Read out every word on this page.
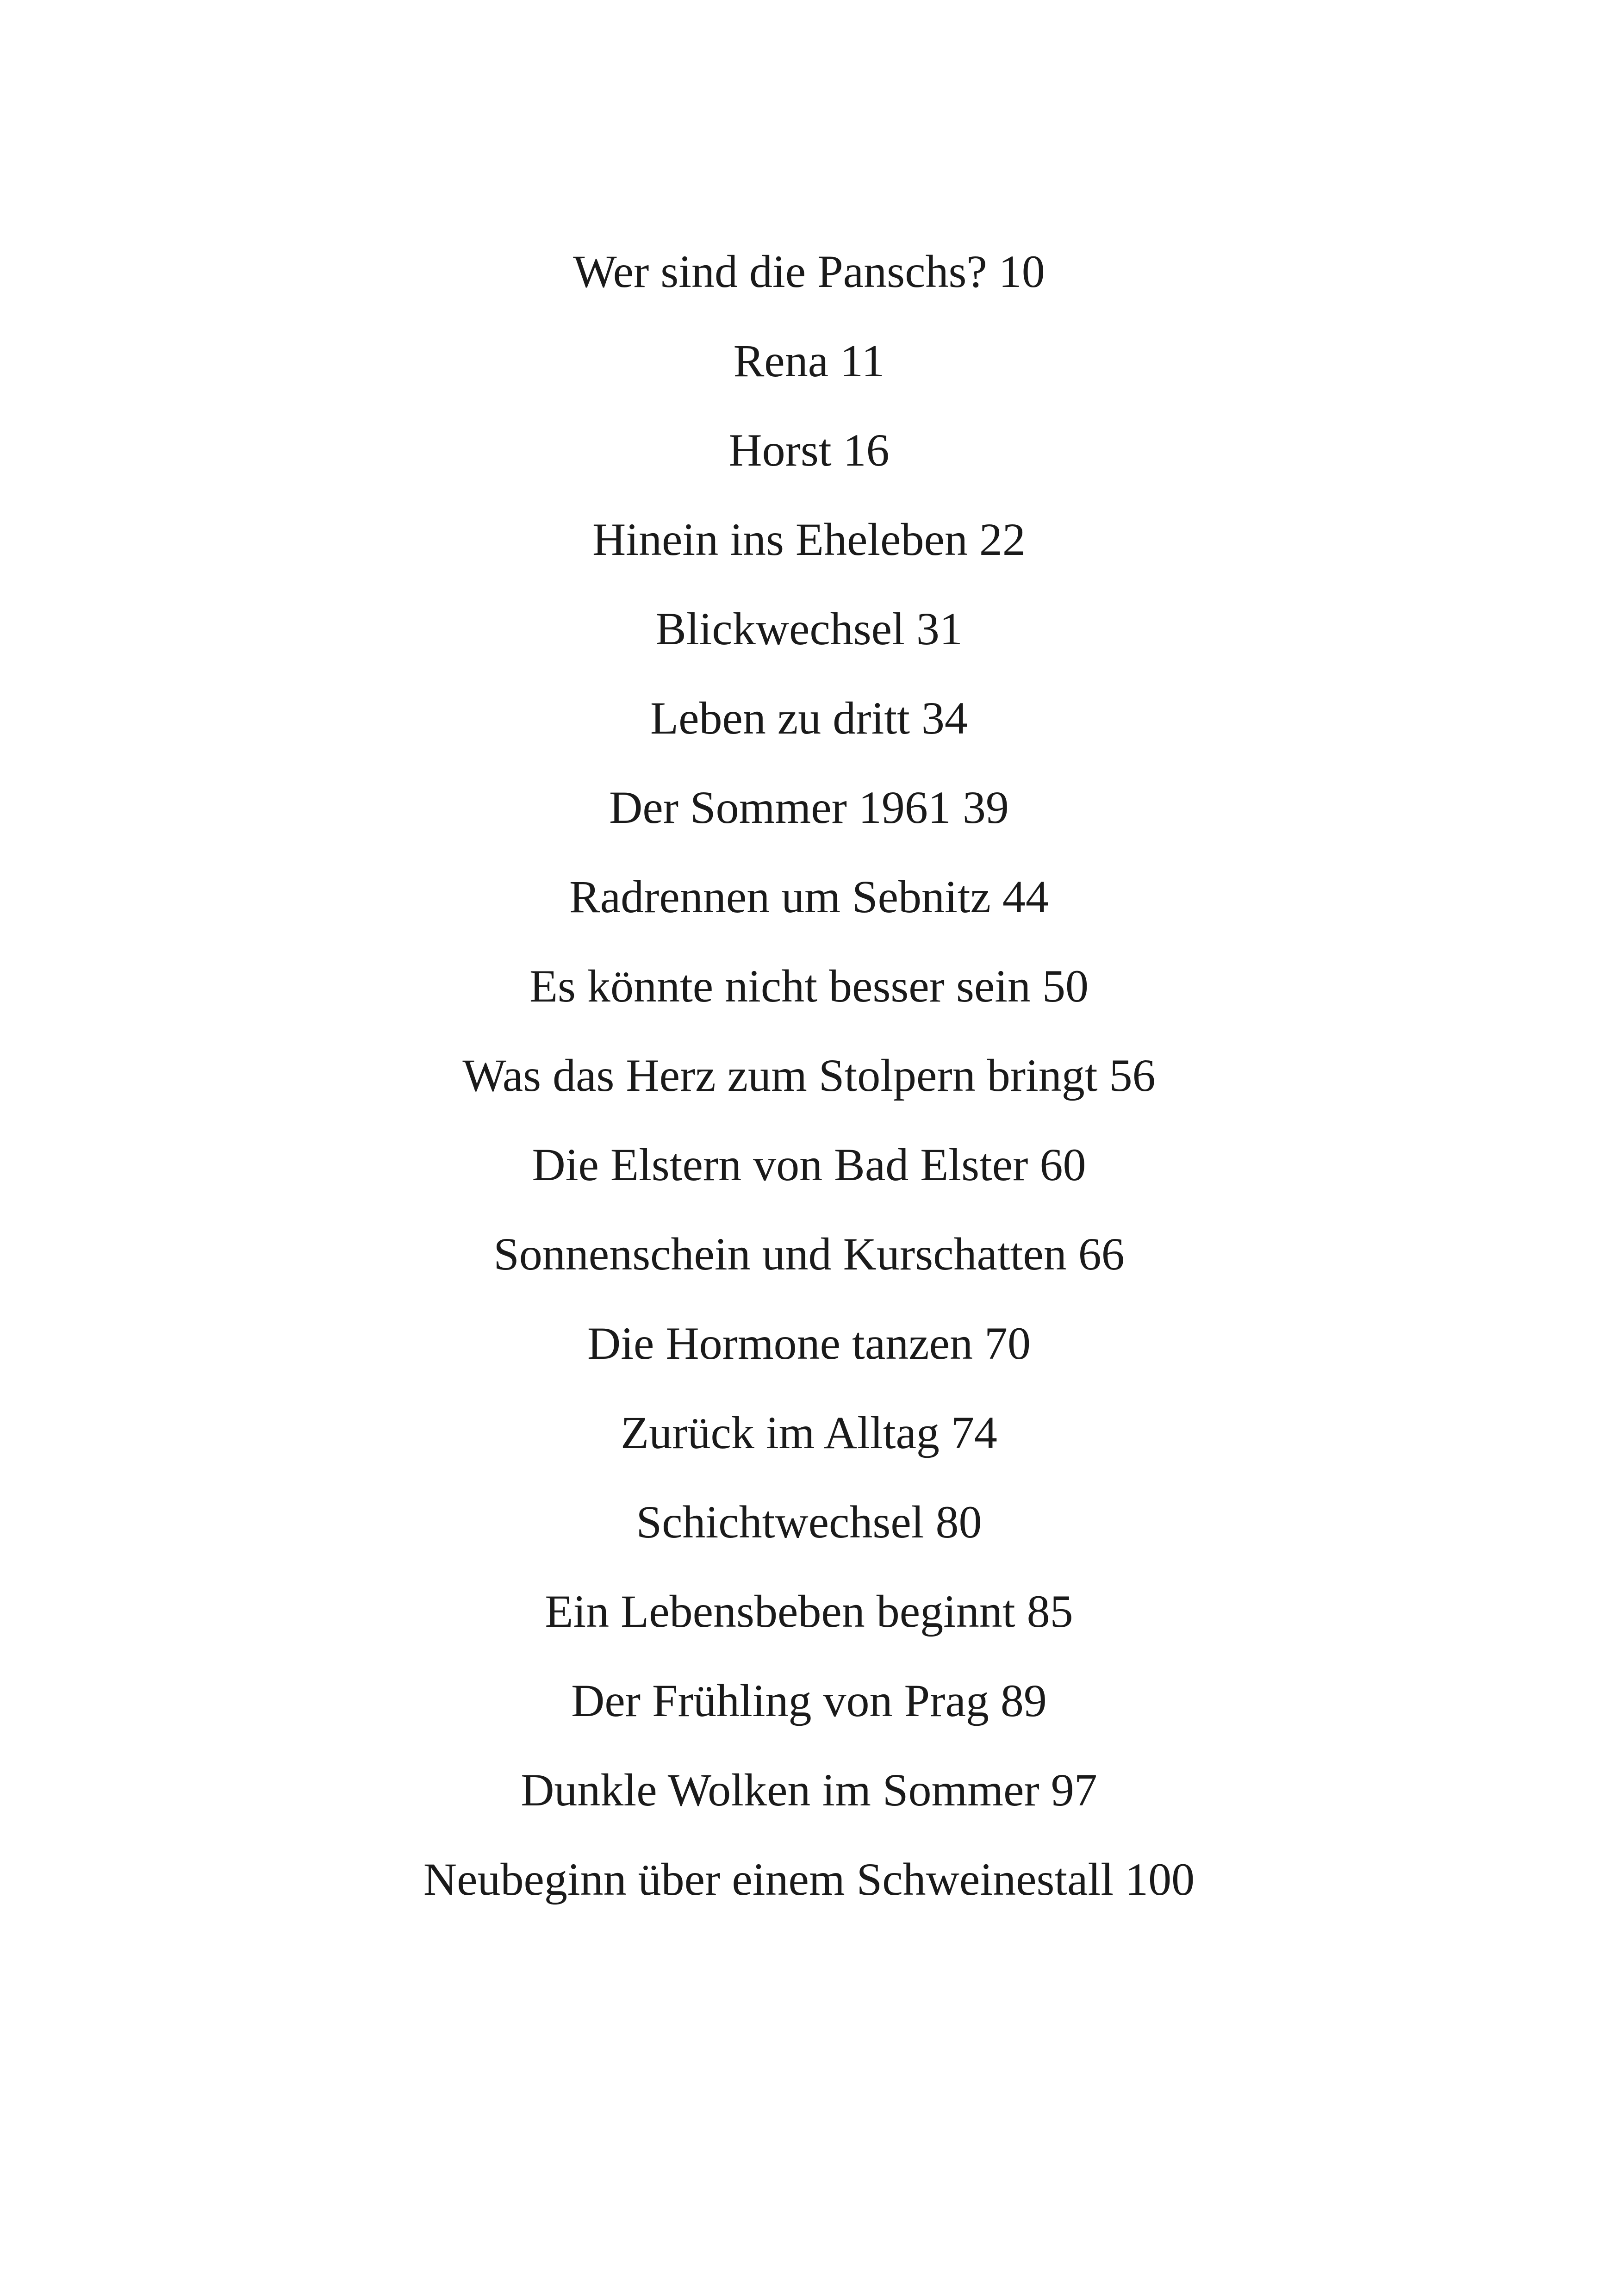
Wer sind die Panschs? 10
Rena 11
Horst 16
Hinein ins Eheleben 22
Blickwechsel 31
Leben zu dritt 34
Der Sommer 1961 39
Radrennen um Sebnitz 44
Es könnte nicht besser sein 50
Was das Herz zum Stolpern bringt 56
Die Elstern von Bad Elster 60
Sonnenschein und Kurschatten 66
Die Hormone tanzen 70
Zurück im Alltag 74
Schichtwechsel 80
Ein Lebensbeben beginnt 85
Der Frühling von Prag 89
Dunkle Wolken im Sommer 97
Neubeginn über einem Schweinestall 100
